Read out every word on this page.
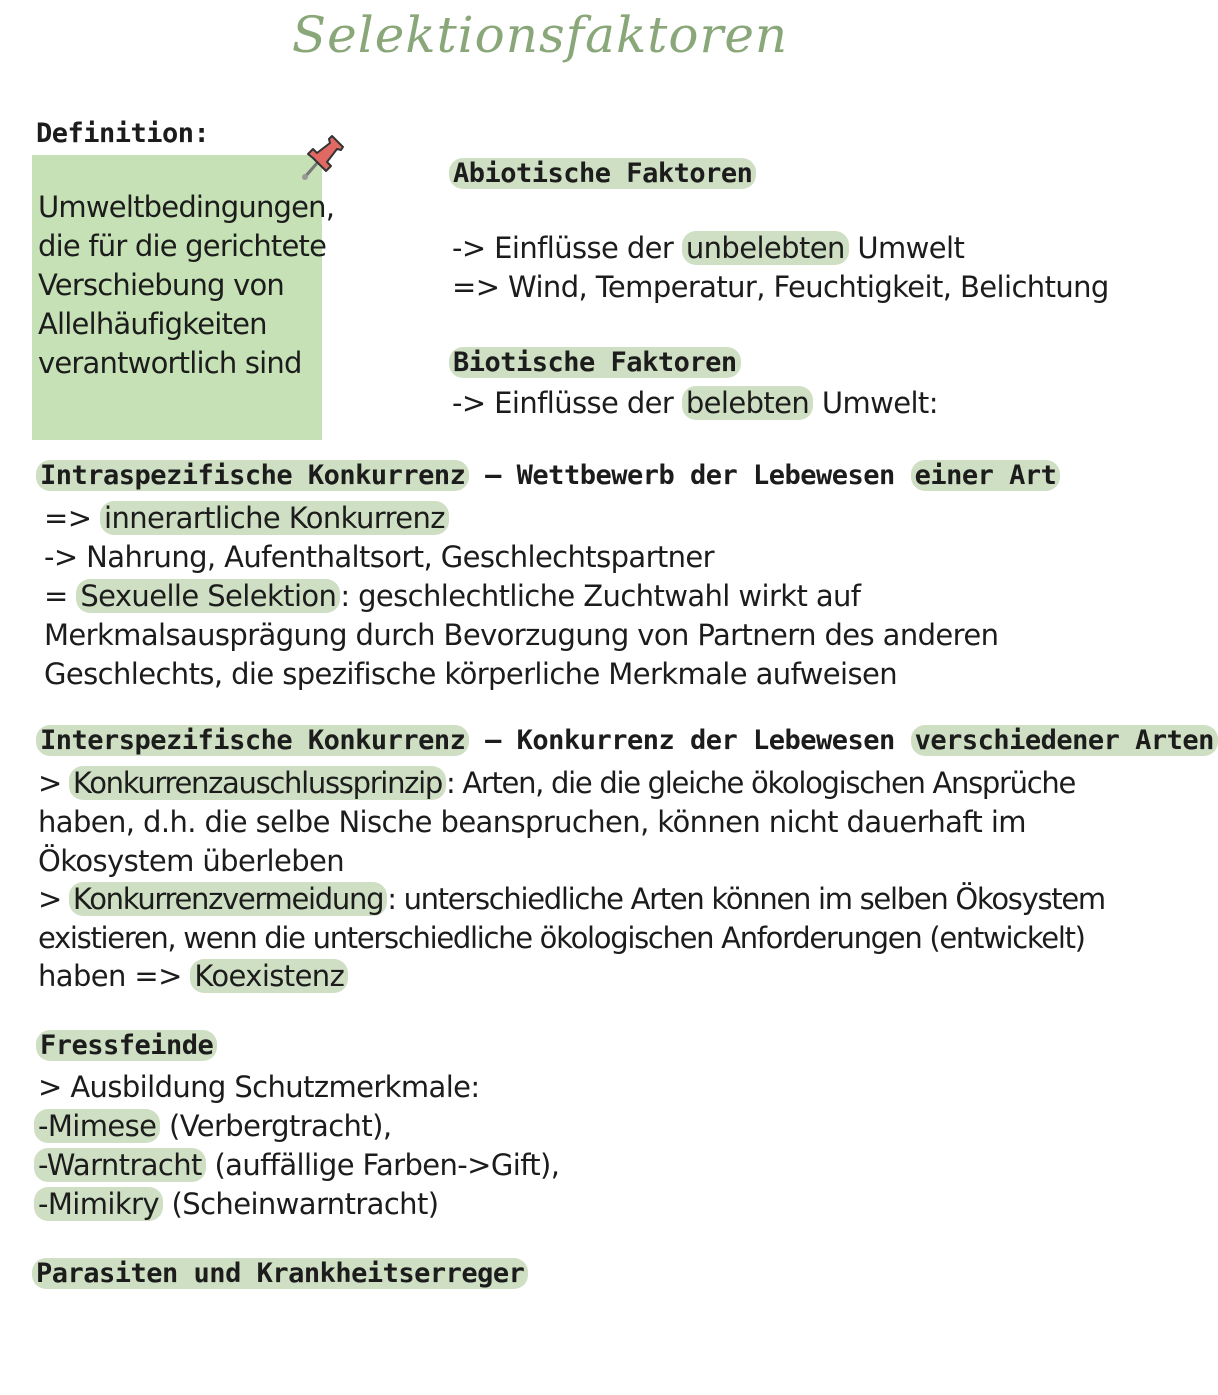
Selektionsfaktoren
Definition:
Umweltbedingungen,
die für die gerichtete
Verschiebung von
Allelhäufigkeiten
verantwortlich sind
Abiotische Faktoren
-> Einflüsse der unbelebten Umwelt
=> Wind, Temperatur, Feuchtigkeit, Belichtung
Biotische Faktoren
-> Einflüsse der belebten Umwelt:
Intraspezifische Konkurrenz – Wettbewerb der Lebewesen einer Art
=> innerartliche Konkurrenz
-> Nahrung, Aufenthaltsort, Geschlechtspartner
= Sexuelle Selektion : geschlechtliche Zuchtwahl wirkt auf
Merkmalsausprägung durch Bevorzugung von Partnern des anderen
Geschlechts, die spezifische körperliche Merkmale aufweisen
Interspezifische Konkurrenz – Konkurrenz der Lebewesen verschiedener Arten
> Konkurrenzauschlussprinzip : Arten, die die gleiche ökologischen Ansprüche
haben, d.h. die selbe Nische beanspruchen, können nicht dauerhaft im
Ökosystem überleben
> Konkurrenzvermeidung : unterschiedliche Arten können im selben Ökosystem
existieren, wenn die unterschiedliche ökologischen Anforderungen (entwickelt)
haben => Koexistenz
Fressfeinde
> Ausbildung Schutzmerkmale:
-Mimese (Verbergtracht),
-Warntracht (auffällige Farben->Gift),
-Mimikry (Scheinwarntracht)
Parasiten und Krankheitserreger
